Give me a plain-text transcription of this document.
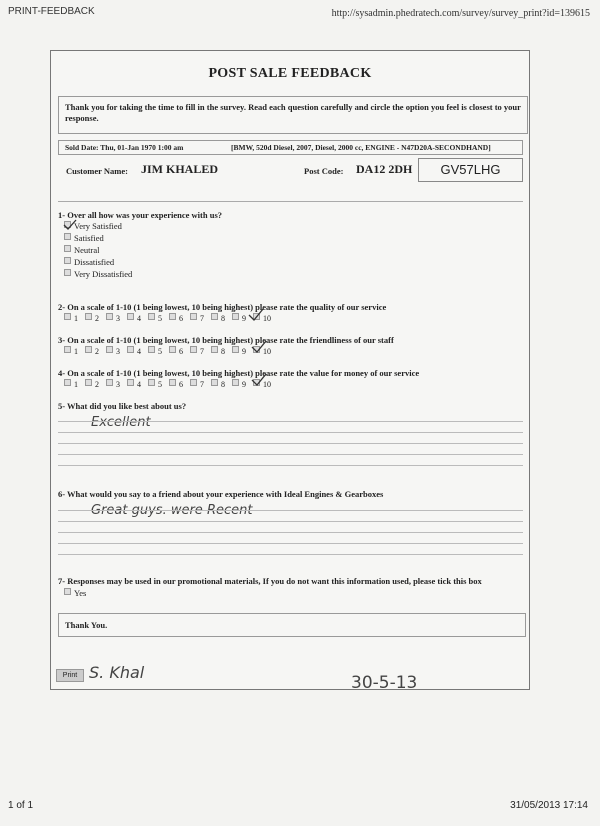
PRINT-FEEDBACK	http://sysadmin.phedratech.com/survey/survey_print?id=139615
POST SALE FEEDBACK
Thank you for taking the time to fill in the survey. Read each question carefully and circle the option you feel is closest to your response.
Sold Date: Thu, 01-Jan 1970 1:00 am	[BMW, 520d Diesel, 2007, Diesel, 2000 cc, ENGINE - N47D20A-SECONDHAND]
Customer Name: JIM KHALED	Post Code: DA12 2DH	GV57LHG
1- Over all how was your experience with us?
Very Satisfied
Satisfied
Neutral
Dissatisfied
Very Dissatisfied
2- On a scale of 1-10 (1 being lowest, 10 being highest) please rate the quality of our service
1 2 3 4 5 6 7 8 9 10
3- On a scale of 1-10 (1 being lowest, 10 being highest) please rate the friendliness of our staff
1 2 3 4 5 6 7 8 9 10
4- On a scale of 1-10 (1 being lowest, 10 being highest) please rate the value for money of our service
1 2 3 4 5 6 7 8 9 10
5- What did you like best about us?
Excellent
6- What would you say to a friend about your experience with Ideal Engines & Gearboxes
Great guys. were Recent
7- Responses may be used in our promotional materials, If you do not want this information used, please tick this box
Yes
Thank You.
Print S. Khal
30-5-13
1 of 1	31/05/2013 17:14
